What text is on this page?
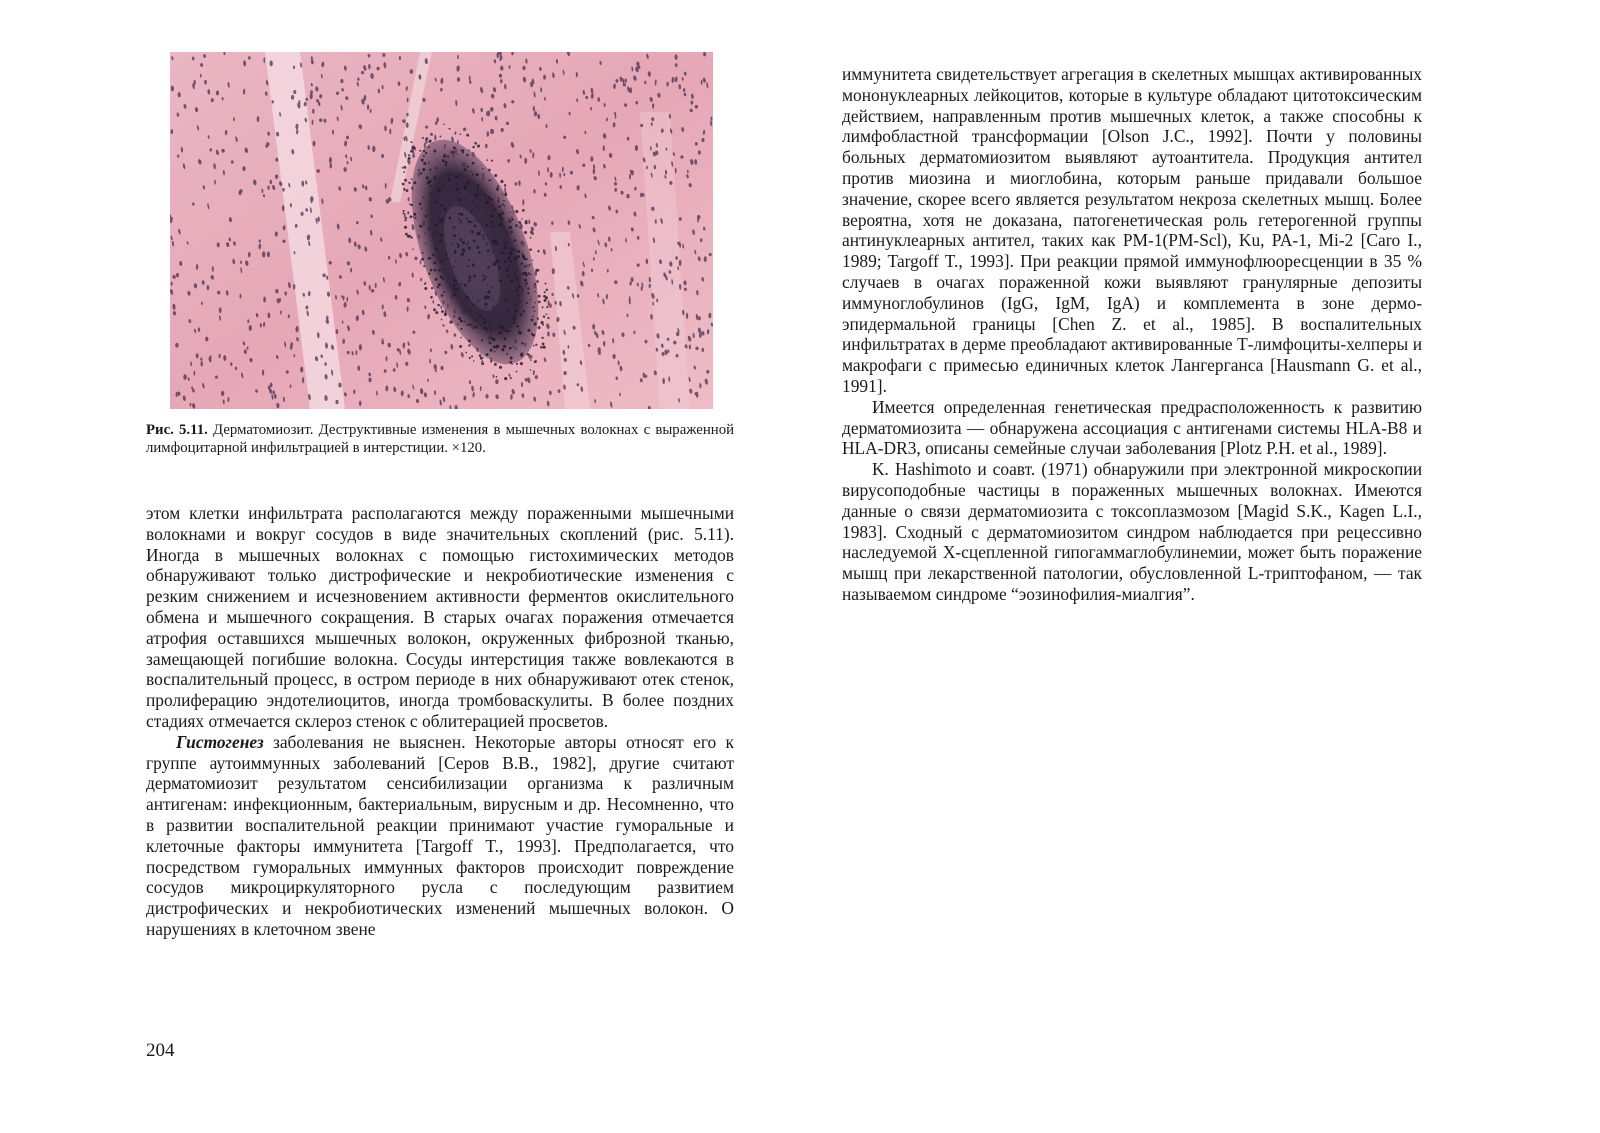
Рис. 5.11. Дерматомиозит. Деструктивные изменения в мышечных волокнах с выраженной лимфоцитарной инфильтрацией в интерстиции. ×120.

этом клетки инфильтрата располагаются между пораженными мышечными волокнами и вокруг сосудов в виде значительных скоплений (рис. 5.11). Иногда в мышечных волокнах с помощью гистохимических методов обнаруживают только дистрофические и некробиотические изменения с резким снижением и исчезновением активности ферментов окислительного обмена и мышечного сокращения. В старых очагах поражения отмечается атрофия оставшихся мышечных волокон, окруженных фиброзной тканью, замещающей погибшие волокна. Сосуды интерстиция также вовлекаются в воспалительный процесс, в остром периоде в них обнаруживают отек стенок, пролиферацию эндотелиоцитов, иногда тромбоваскулиты. В более поздних стадиях отмечается склероз стенок с облитерацией просветов.

Гистогенез заболевания не выяснен. Некоторые авторы относят его к группе аутоиммунных заболеваний [Серов В.В., 1982], другие считают дерматомиозит результатом сенсибилизации организма к различным антигенам: инфекционным, бактериальным, вирусным и др. Несомненно, что в развитии воспалительной реакции принимают участие гуморальные и клеточные факторы иммунитета [Targoff T., 1993]. Предполагается, что посредством гуморальных иммунных факторов происходит повреждение сосудов микроциркуляторного русла с последующим развитием дистрофических и некробиотических изменений мышечных волокон. О нарушениях в клеточном звене

иммунитета свидетельствует агрегация в скелетных мышцах активированных мононуклеарных лейкоцитов, которые в культуре обладают цитотоксическим действием, направленным против мышечных клеток, а также способны к лимфобластной трансформации [Olson J.C., 1992]. Почти у половины больных дерматомиозитом выявляют аутоантитела. Продукция антител против миозина и миоглобина, которым раньше придавали большое значение, скорее всего является результатом некроза скелетных мышц. Более вероятна, хотя не доказана, патогенетическая роль гетерогенной группы антинуклеарных антител, таких как PM-1(PM-Scl), Ku, PA-1, Mi-2 [Caro I., 1989; Targoff T., 1993]. При реакции прямой иммунофлюоресценции в 35 % случаев в очагах пораженной кожи выявляют гранулярные депозиты иммуноглобулинов (IgG, IgM, IgA) и комплемента в зоне дермо-эпидермальной границы [Chen Z. et al., 1985]. В воспалительных инфильтратах в дерме преобладают активированные Т-лимфоциты-хелперы и макрофаги с примесью единичных клеток Лангерганса [Hausmann G. et al., 1991].

Имеется определенная генетическая предрасположенность к развитию дерматомиозита — обнаружена ассоциация с антигенами системы HLA-B8 и HLA-DR3, описаны семейные случаи заболевания [Plotz P.H. et al., 1989].

K. Hashimoto и соавт. (1971) обнаружили при электронной микроскопии вирусоподобные частицы в пораженных мышечных волокнах. Имеются данные о связи дерматомиозита с токсоплазмозом [Magid S.K., Kagen L.I., 1983]. Сходный с дерматомиозитом синдром наблюдается при рецессивно наследуемой X-сцепленной гипогаммаглобулинемии, может быть поражение мышц при лекарственной патологии, обусловленной L-триптофаном, — так называемом синдроме “эозинофилия-миалгия”.

204
